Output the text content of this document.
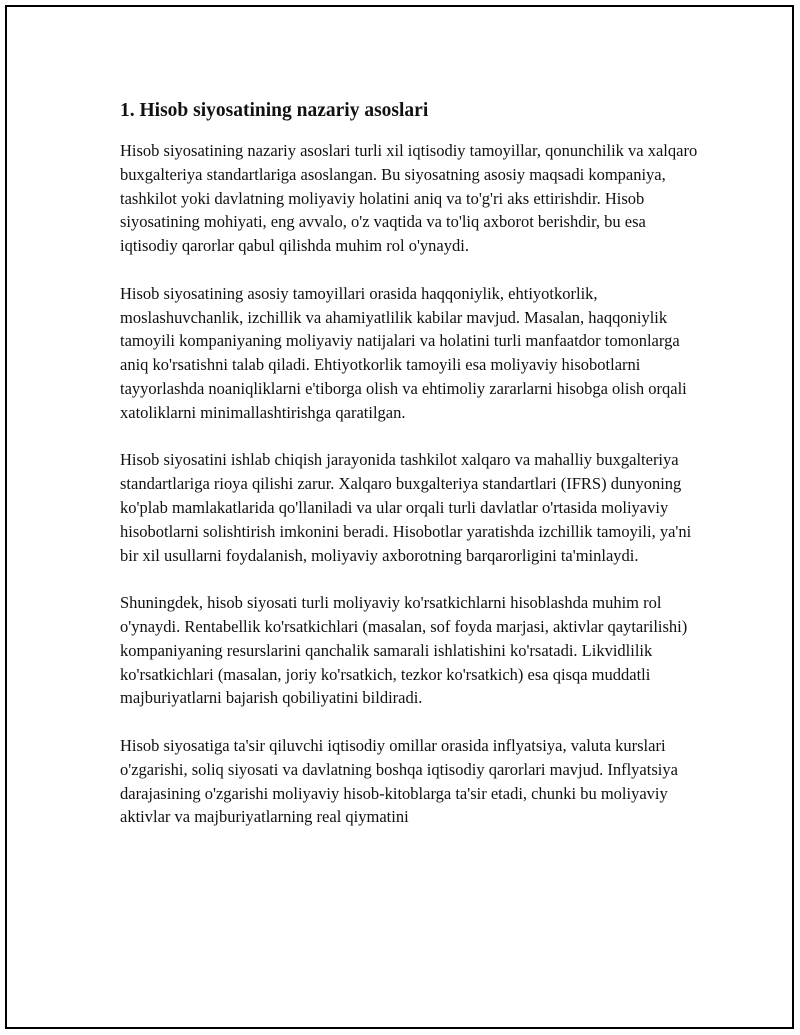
1. Hisob siyosatining nazariy asoslari

Hisob siyosatining nazariy asoslari turli xil iqtisodiy tamoyillar, qonunchilik va xalqaro buxgalteriya standartlariga asoslangan. Bu siyosatning asosiy maqsadi kompaniya, tashkilot yoki davlatning moliyaviy holatini aniq va to'g'ri aks ettirishdir. Hisob siyosatining mohiyati, eng avvalo, o'z vaqtida va to'liq axborot berishdir, bu esa iqtisodiy qarorlar qabul qilishda muhim rol o'ynaydi.

Hisob siyosatining asosiy tamoyillari orasida haqqoniylik, ehtiyotkorlik, moslashuvchanlik, izchillik va ahamiyatlilik kabilar mavjud. Masalan, haqqoniylik tamoyili kompaniyaning moliyaviy natijalari va holatini turli manfaatdor tomonlarga aniq ko'rsatishni talab qiladi. Ehtiyotkorlik tamoyili esa moliyaviy hisobotlarni tayyorlashda noaniqliklarni e'tiborga olish va ehtimoliy zararlarni hisobga olish orqali xatoliklarni minimallashtirishga qaratilgan.

Hisob siyosatini ishlab chiqish jarayonida tashkilot xalqaro va mahalliy buxgalteriya standartlariga rioya qilishi zarur. Xalqaro buxgalteriya standartlari (IFRS) dunyoning ko'plab mamlakatlarida qo'llaniladi va ular orqali turli davlatlar o'rtasida moliyaviy hisobotlarni solishtirish imkonini beradi. Hisobotlar yaratishda izchillik tamoyili, ya'ni bir xil usullarni foydalanish, moliyaviy axborotning barqarorligini ta'minlaydi.

Shuningdek, hisob siyosati turli moliyaviy ko'rsatkichlarni hisoblashda muhim rol o'ynaydi. Rentabellik ko'rsatkichlari (masalan, sof foyda marjasi, aktivlar qaytarilishi) kompaniyaning resurslarini qanchalik samarali ishlatishini ko'rsatadi. Likvidlilik ko'rsatkichlari (masalan, joriy ko'rsatkich, tezkor ko'rsatkich) esa qisqa muddatli majburiyatlarni bajarish qobiliyatini bildiradi.

Hisob siyosatiga ta'sir qiluvchi iqtisodiy omillar orasida inflyatsiya, valuta kurslari o'zgarishi, soliq siyosati va davlatning boshqa iqtisodiy qarorlari mavjud. Inflyatsiya darajasining o'zgarishi moliyaviy hisob-kitoblarga ta'sir etadi, chunki bu moliyaviy aktivlar va majburiyatlarning real qiymatini
